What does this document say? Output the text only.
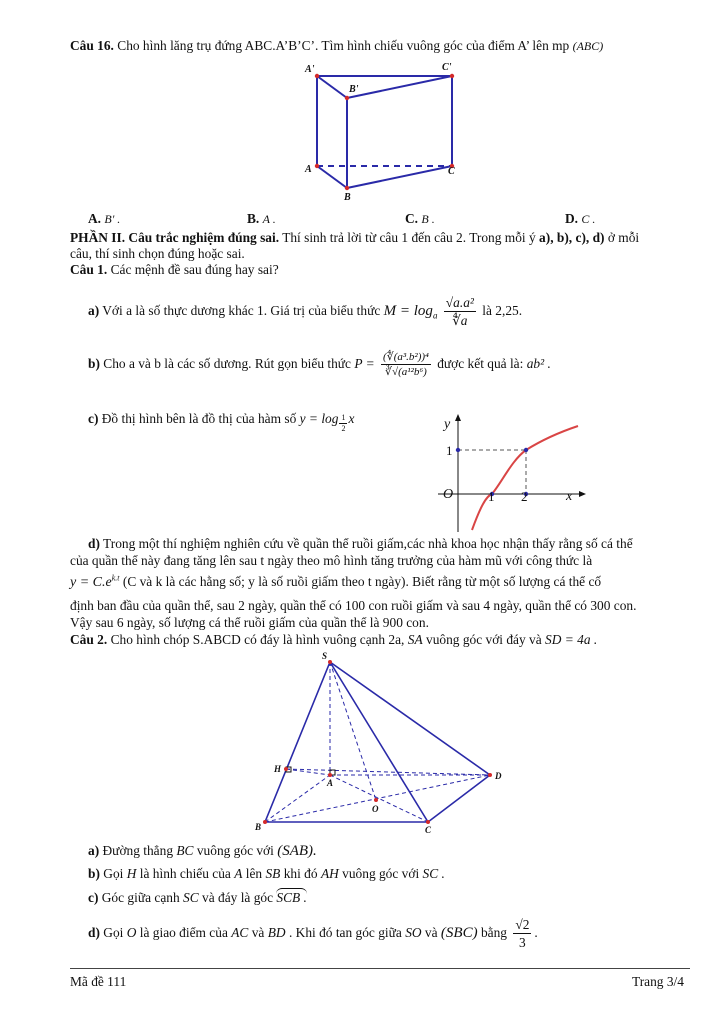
Câu 16. Cho hình lăng trụ đứng ABC.A’B’C’. Tìm hình chiếu vuông góc của điểm A’ lên mp (ABC)
A'
B'
C'
A
B
C
A. B' .	B. A .	C. B .	D. C .
PHẦN II. Câu trắc nghiệm đúng sai. Thí sinh trả lời từ câu 1 đến câu 2. Trong mỗi ý a), b), c), d) ở mỗi
câu, thí sinh chọn đúng hoặc sai.
Câu 1. Các mệnh đề sau đúng hay sai?
a) Với a là số thực dương khác 1. Giá trị của biểu thức $M = \log_a \frac{\text{√a.a²}}{∜a}$ là 2,25.
b) Cho a và b là các số dương. Rút gọn biểu thức $P = \frac{\text{(∜(a³.b²))⁴}}{\text{∛√(a¹²b⁶)}}$ được kết quả là: ab² .
c) Đồ thị hình bên là đồ thị của hàm số $y = \log \frac{1}{2}$ x	y
x
O
1
1 2
d) Trong một thí nghiệm nghiên cứu về quần thể ruồi giấm,các nhà khoa học nhận thấy rằng số cá thể
của quần thể này đang tăng lên sau t ngày theo mô hình tăng trưởng của hàm mũ với công thức là
$y = C.e^{k.t}$ (C và k là các hằng số; y là số ruồi giấm theo t ngày). Biết rằng từ một số lượng cá thể cố
định ban đầu của quần thể, sau 2 ngày, quần thể có 100 con ruồi giấm và sau 4 ngày, quần thể có 300 con.
Vậy sau 6 ngày, số lượng cá thể ruồi giấm của quần thể là 900 con.
Câu 2. Cho hình chóp S.ABCD có đáy là hình vuông cạnh 2a, SA vuông góc với đáy và SD = 4a .
S
H
A
D
O
B	C
a) Đường thẳng BC vuông góc với (SAB).
b) Gọi H là hình chiếu của A lên SB khi đó AH vuông góc với SC .
c) Góc giữa cạnh SC và đáy là góc SCB .
d) Gọi O là giao điểm của AC và BD . Khi đó tan góc giữa SO và (SBC) bằng $\frac{√2}{3}$ .
Mã đề 111	Trang 3/4
